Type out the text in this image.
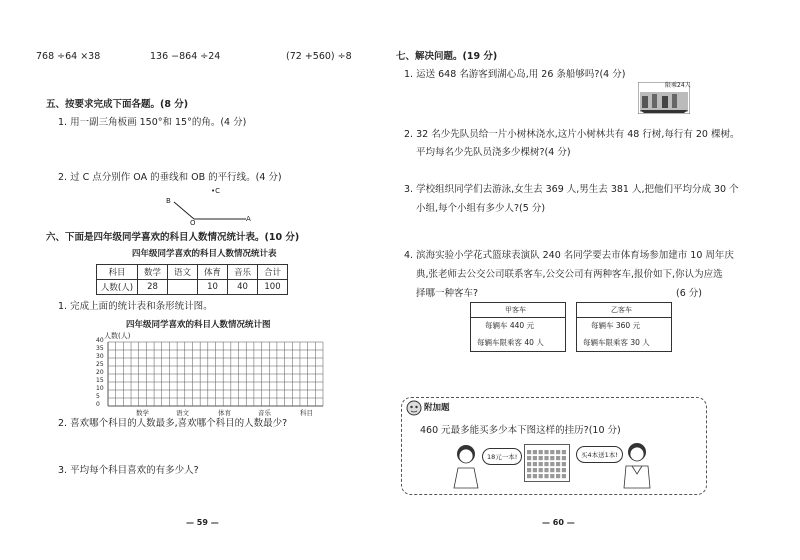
768 ÷64 ×38	136 −864 ÷24	(72 +560) ÷8
五、按要求完成下面各题。(8 分)
1. 用一副三角板画 150°和 15°的角。(4 分)
2. 过 C 点分别作 OA 的垂线和 OB 的平行线。(4 分)
•C
B
O	A
六、下面是四年级同学喜欢的科目人数情况统计表。(10 分)
四年级同学喜欢的科目人数情况统计表
科目	数学	语文	体育	音乐	合计
人数(人)	28		10	40	100
1. 完成上面的统计表和条形统计图。
四年级同学喜欢的科目人数情况统计图
人数(人)
40
35
30
25
20
15
10
5
0
数学	语文	体育	音乐	科目
2. 喜欢哪个科目的人数最多,喜欢哪个科目的人数最少?
3. 平均每个科目喜欢的有多少人?
— 59 —
七、解决问题。(19 分)
1. 运送 648 名游客到湖心岛,用 26 条船够吗?(4 分)
限乘24人
2. 32 名少先队员给一片小树林浇水,这片小树林共有 48 行树,每行有 20 棵树。
平均每名少先队员浇多少棵树?(4 分)
3. 学校组织同学们去游泳,女生去 369 人,男生去 381 人,把他们平均分成 30 个
小组,每个小组有多少人?(5 分)
4. 滨海实验小学花式篮球表演队 240 名同学要去市体育场参加建市 10 周年庆
典,张老师去公交公司联系客车,公交公司有两种客车,报价如下,你认为应选
择哪一种客车?	(6 分)
甲客车
每辆车 440 元
每辆车限乘客 40 人
乙客车
每辆车 360 元
每辆车限乘客 30 人
附加题
460 元最多能买多少本下图这样的挂历?(10 分)
18元一本!	买4本送1本!
— 60 —
